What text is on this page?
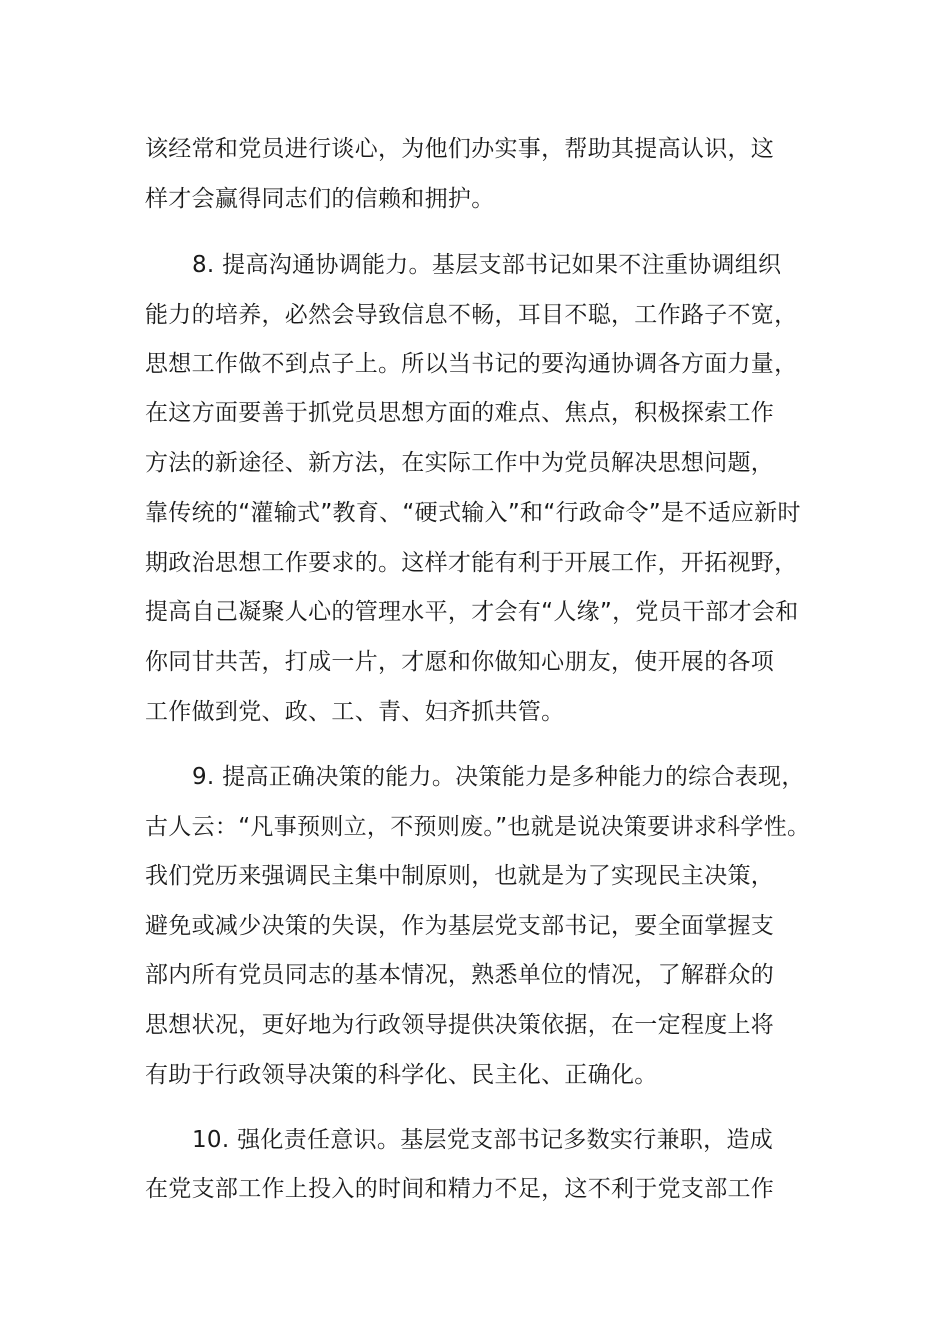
该经常和党员进行谈心，为他们办实事，帮助其提高认识，这
样才会赢得同志们的信赖和拥护。
8. 提高沟通协调能力。基层支部书记如果不注重协调组织
能力的培养，必然会导致信息不畅，耳目不聪，工作路子不宽，
思想工作做不到点子上。所以当书记的要沟通协调各方面力量，
在这方面要善于抓党员思想方面的难点、焦点，积极探索工作
方法的新途径、新方法，在实际工作中为党员解决思想问题，
靠传统的“灌输式”教育、“硬式输入”和“行政命令”是不适应新时
期政治思想工作要求的。这样才能有利于开展工作，开拓视野，
提高自己凝聚人心的管理水平，才会有“人缘”，党员干部才会和
你同甘共苦，打成一片，才愿和你做知心朋友，使开展的各项
工作做到党、政、工、青、妇齐抓共管。
9. 提高正确决策的能力。决策能力是多种能力的综合表现，
古人云：“凡事预则立，不预则废。”也就是说决策要讲求科学性。
我们党历来强调民主集中制原则，也就是为了实现民主决策，
避免或减少决策的失误，作为基层党支部书记，要全面掌握支
部内所有党员同志的基本情况，熟悉单位的情况，了解群众的
思想状况，更好地为行政领导提供决策依据，在一定程度上将
有助于行政领导决策的科学化、民主化、正确化。
10. 强化责任意识。基层党支部书记多数实行兼职，造成
在党支部工作上投入的时间和精力不足，这不利于党支部工作
